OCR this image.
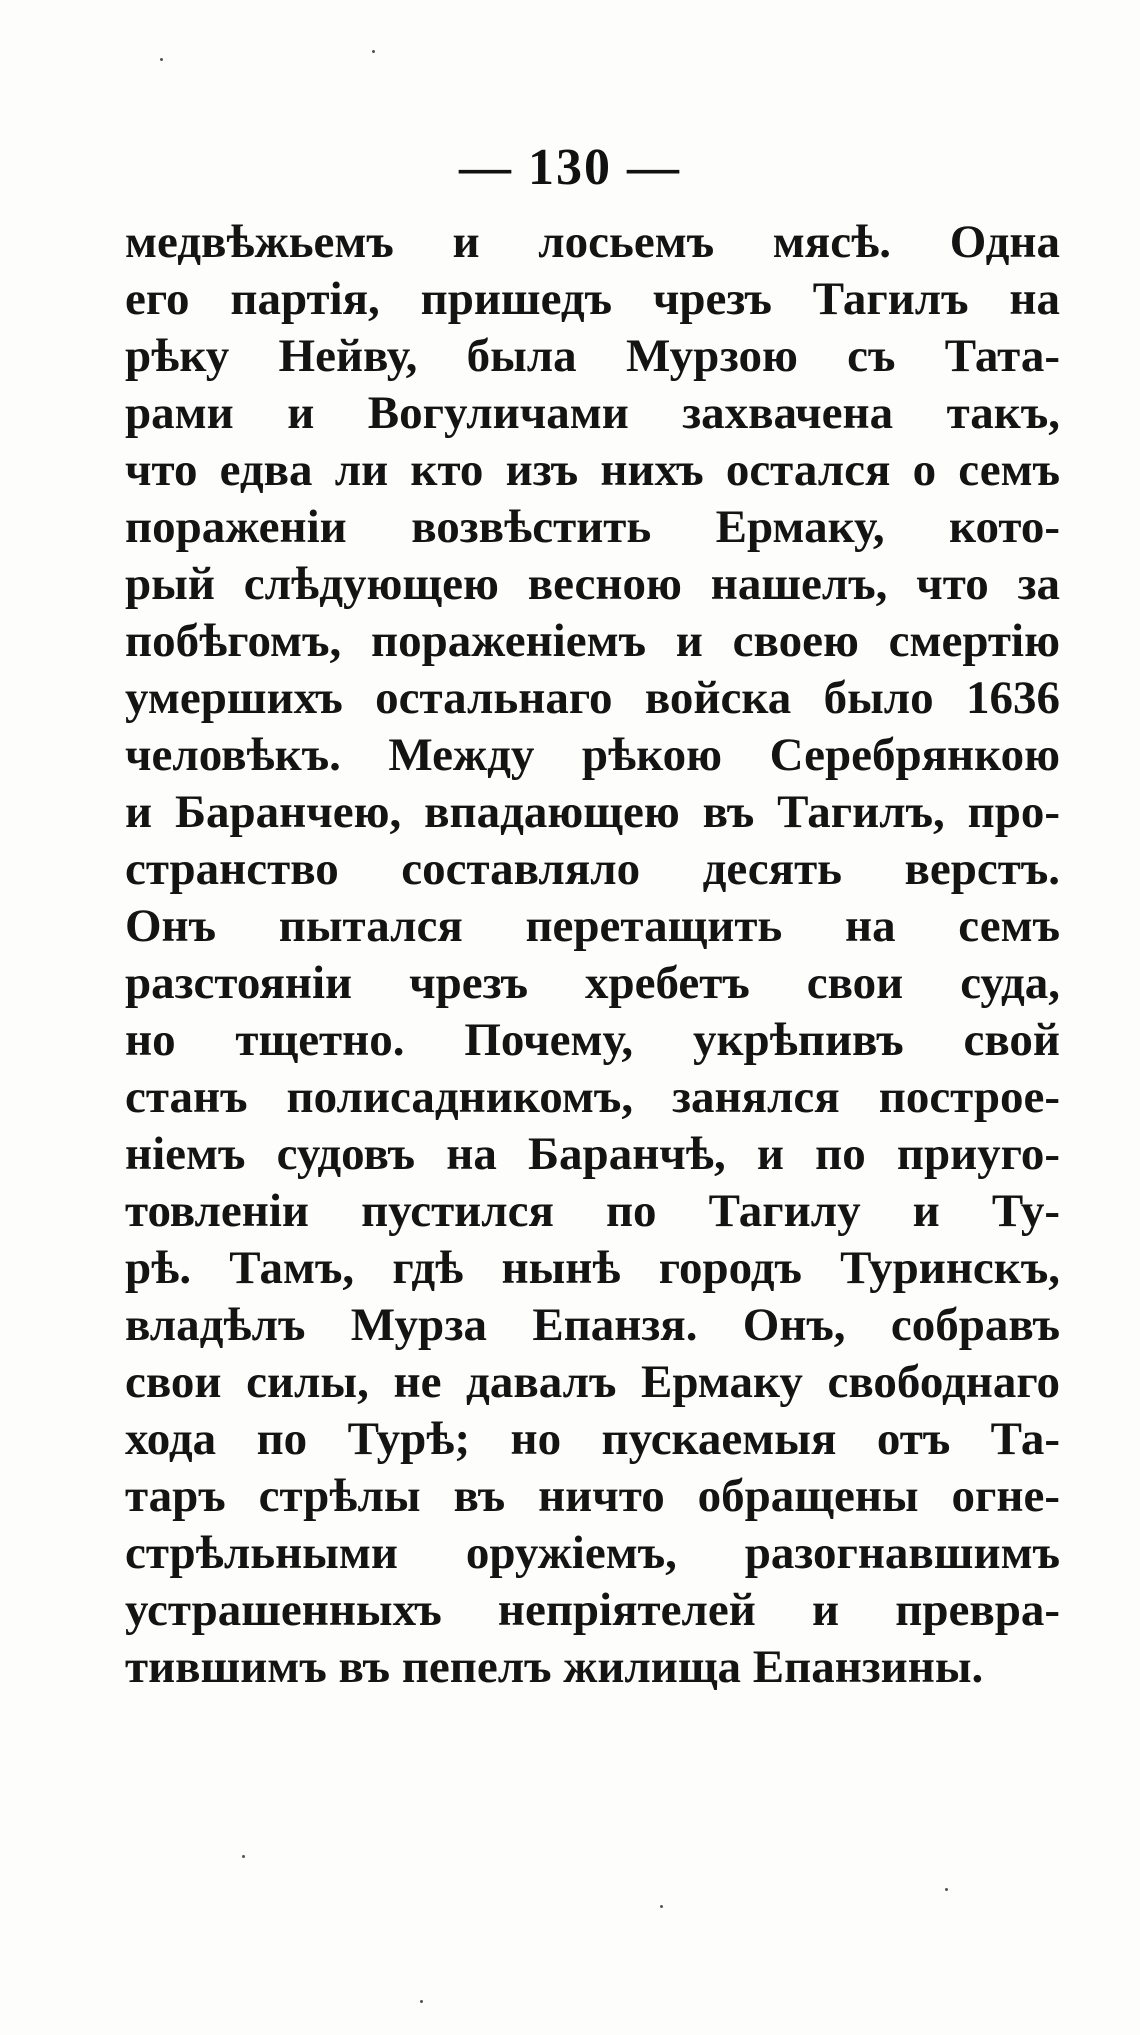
— 130 —
медвѣжьемъ и лосьемъ мясѣ. Одна
его партія, пришедъ чрезъ Тагилъ на
рѣку Нейву, была Мурзою съ Тата-
рами и Вогуличами захвачена такъ,
что едва ли кто изъ нихъ остался о семъ
пораженіи возвѣстить Ермаку, кото-
рый слѣдующею весною нашелъ, что за
побѣгомъ, пораженіемъ и своею смертію
умершихъ остальнаго войска было 1636
человѣкъ. Между рѣкою Серебрянкою
и Баранчею, впадающею въ Тагилъ, про-
странство составляло десять верстъ.
Онъ пытался перетащить на семъ
разстояніи чрезъ хребетъ свои суда,
но тщетно. Почему, укрѣпивъ свой
станъ полисадникомъ, занялся построе-
ніемъ судовъ на Баранчѣ, и по приуго-
товленіи пустился по Тагилу и Ту-
рѣ. Тамъ, гдѣ нынѣ городъ Туринскъ,
владѣлъ Мурза Епанзя. Онъ, собравъ
свои силы, не давалъ Ермаку свободнаго
хода по Турѣ; но пускаемыя отъ Та-
таръ стрѣлы въ ничто обращены огне-
стрѣльными оружіемъ, разогнавшимъ
устрашенныхъ непріятелей и превра-
тившимъ въ пепелъ жилища Епанзины.
